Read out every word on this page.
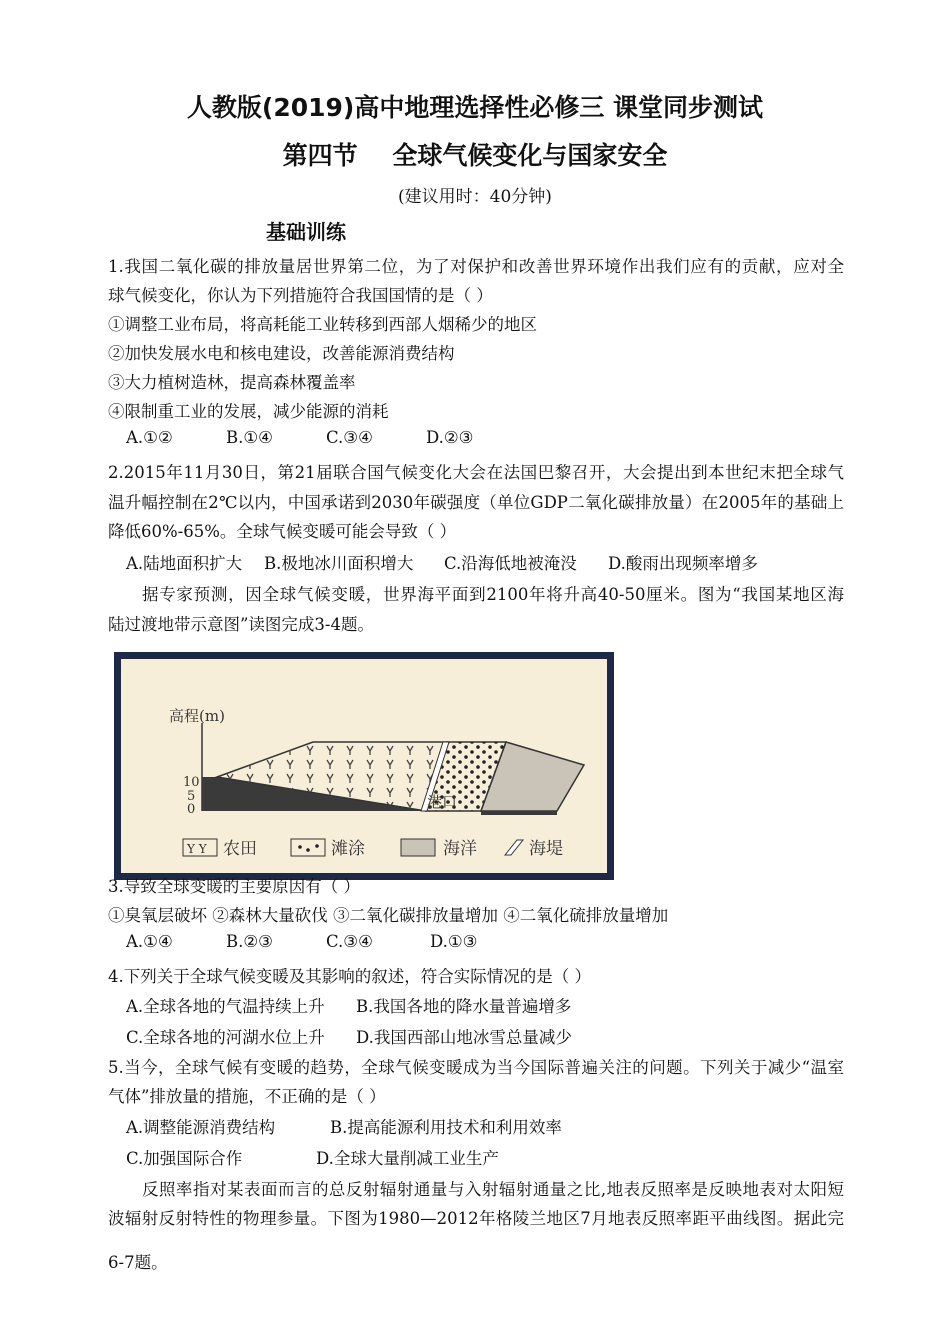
人教版(2019)高中地理选择性必修三 课堂同步测试
第四节    全球气候变化与国家安全
(建议用时：40分钟)
基础训练
1.我国二氧化碳的排放量居世界第二位，为了对保护和改善世界环境作出我们应有的贡献，应对全
球气候变化，你认为下列措施符合我国国情的是（ ）
①调整工业布局，将高耗能工业转移到西部人烟稀少的地区
②加快发展水电和核电建设，改善能源消费结构
③大力植树造林，提高森林覆盖率
④限制重工业的发展，减少能源的消耗
A.①②	B.①④	C.③④	D.②③
2.2015年11月30日，第21届联合国气候变化大会在法国巴黎召开，大会提出到本世纪末把全球气
温升幅控制在2℃以内，中国承诺到2030年碳强度（单位GDP二氧化碳排放量）在2005年的基础上
降低60%-65%。全球气候变暖可能会导致（ ）
A.陆地面积扩大 B.极地冰川面积增大 C.沿海低地被淹没 D.酸雨出现频率增多
据专家预测，因全球气候变暖，世界海平面到2100年将升高40-50厘米。图为“我国某地区海
陆过渡地带示意图”读图完成3-4题。
高程(m)
10
5
0	港口
Y Y 农田	滩涂	海洋	海堤
3.导致全球变暖的主要原因有（ ）
①臭氧层破坏 ②森林大量砍伐 ③二氧化碳排放量增加 ④二氧化硫排放量增加
A.①④	B.②③	C.③④	D.①③
4.下列关于全球气候变暖及其影响的叙述，符合实际情况的是（ ）
A.全球各地的气温持续上升 B.我国各地的降水量普遍增多
C.全球各地的河湖水位上升 D.我国西部山地冰雪总量减少
5.当今，全球气候有变暖的趋势，全球气候变暖成为当今国际普遍关注的问题。下列关于减少“温室
气体”排放量的措施，不正确的是（ ）
A.调整能源消费结构	B.提高能源利用技术和利用效率
C.加强国际合作	D.全球大量削减工业生产
反照率指对某表面而言的总反射辐射通量与入射辐射通量之比,地表反照率是反映地表对太阳短
波辐射反射特性的物理参量。下图为1980—2012年格陵兰地区7月地表反照率距平曲线图。据此完
6-7题。
